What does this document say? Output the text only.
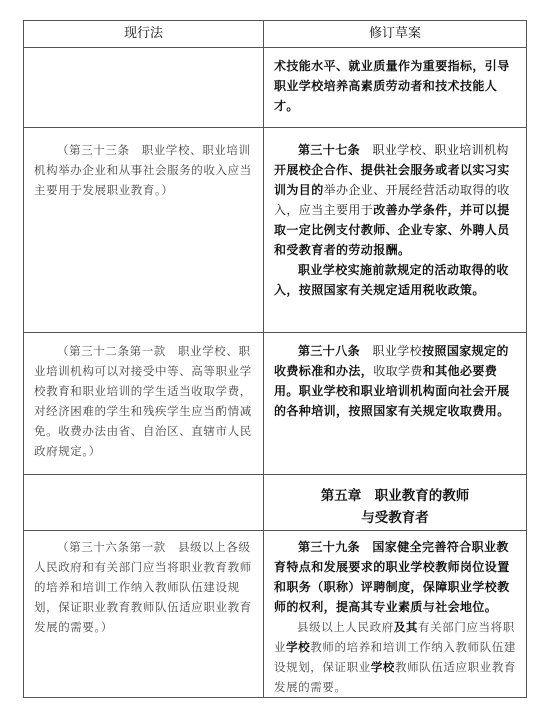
现行法	修订草案

术技能水平、就业质量作为重要指标，引导职业学校培养高素质劳动者和技术技能人才。

（第三十三条　职业学校、职业培训机构举办企业和从事社会服务的收入应当主要用于发展职业教育。）

第三十七条　 职业学校、职业培训机构开展校企合作、提供社会服务或者以实习实训为目的举办企业、开展经营活动取得的收入，应当主要用于改善办学条件，并可以提取一定比例支付教师、企业专家、外聘人员和受教育者的劳动报酬。

职业学校实施前款规定的活动取得的收入，按照国家有关规定适用税收政策。

（第三十二条第一款　职业学校、职业培训机构可以对接受中等、高等职业学校教育和职业培训的学生适当收取学费，对经济困难的学生和残疾学生应当酌情减免。收费办法由省、自治区、直辖市人民政府规定。）

第三十八条　 职业学校按照国家规定的收费标准和办法，收取学费和其他必要费用。职业学校和职业培训机构面向社会开展的各种培训，按照国家有关规定收取费用。

第五章　职业教育的教师

与受教育者

（第三十六条第一款　县级以上各级人民政府和有关部门应当将职业教育教师的培养和培训工作纳入教师队伍建设规划，保证职业教育教师队伍适应职业教育发展的需要。）

第三十九条　国家健全完善符合职业教育特点和发展要求的职业学校教师岗位设置和职务（职称）评聘制度，保障职业学校教师的权利，提高其专业素质与社会地位。

县级以上人民政府及其有关部门应当将职业学校教师的培养和培训工作纳入教师队伍建设规划，保证职业学校教师队伍适应职业教育发展的需要。
